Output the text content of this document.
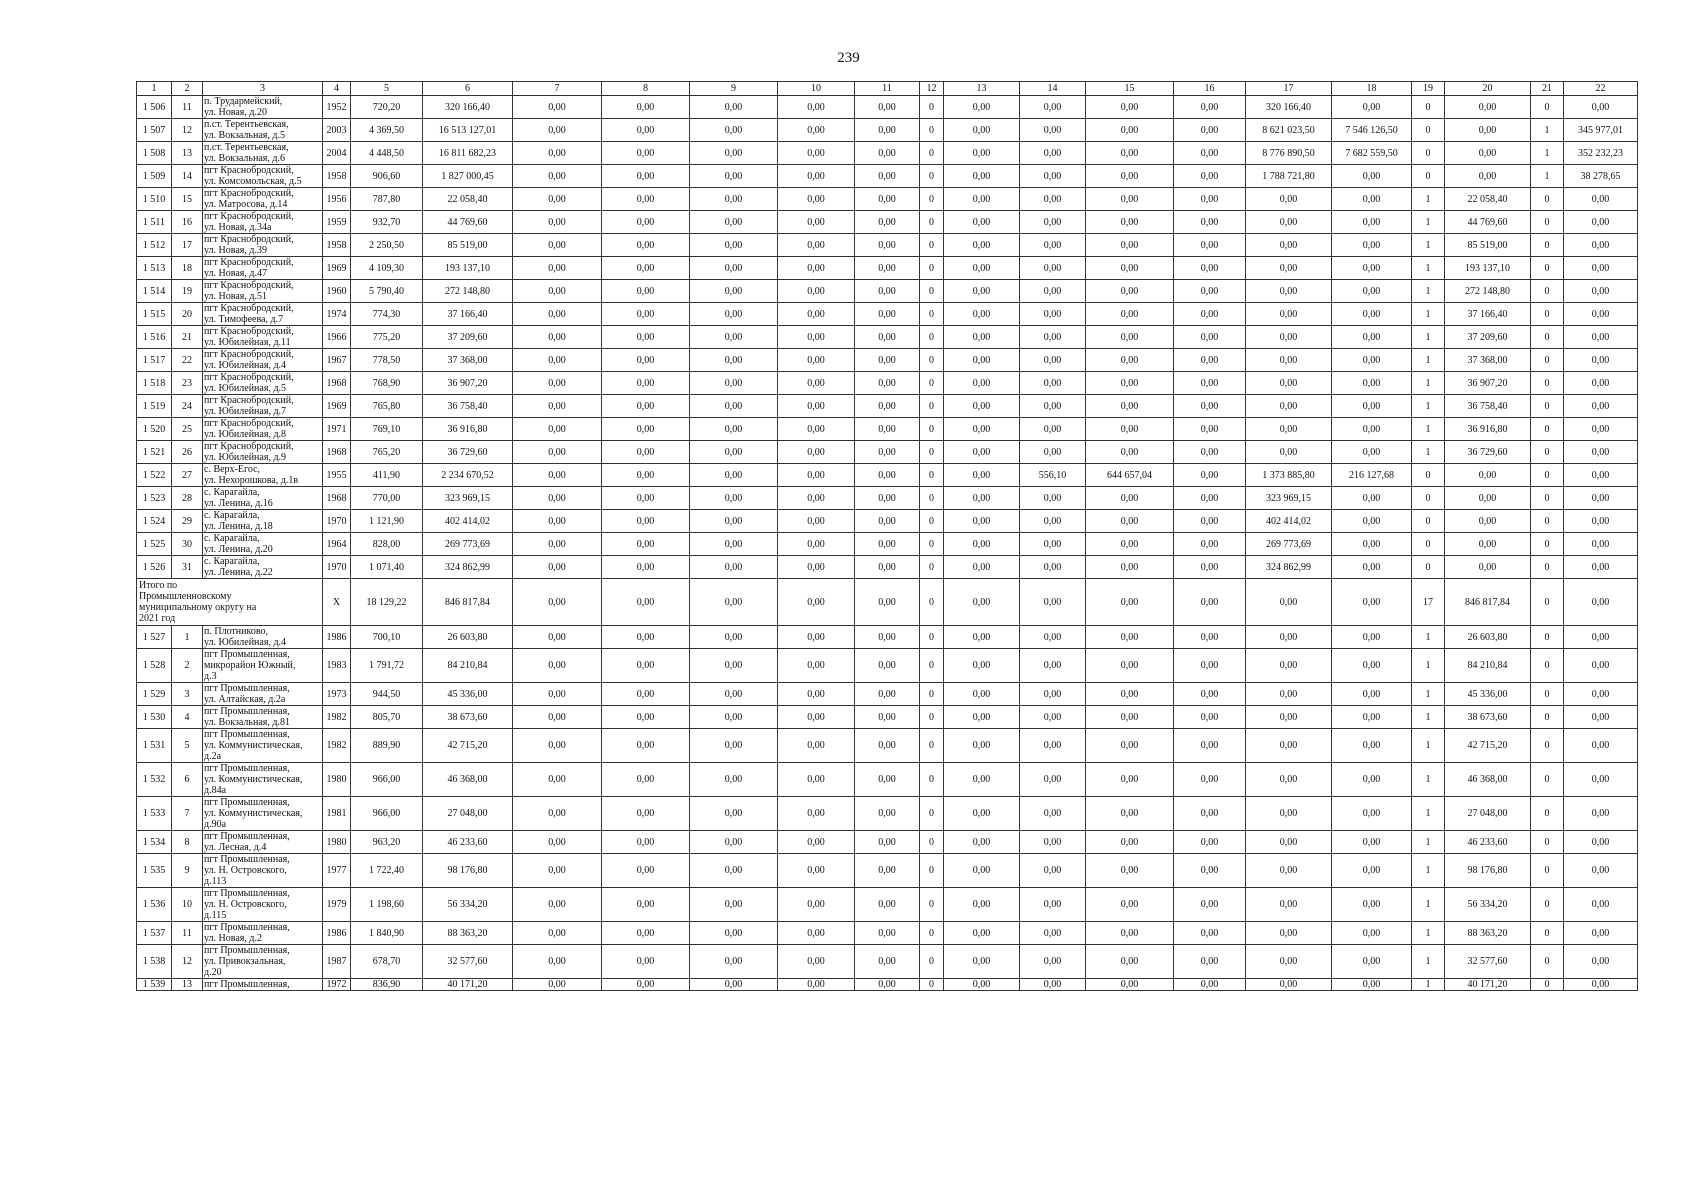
239
1	2	3	4	5	6	7	8	9	10	11	12	13	14	15	16	17	18	19	20	21	22
1 506	11	п. Трудармейский,
ул. Новая, д.20	1952	720,20	320 166,40	0,00	0,00	0,00	0,00	0,00	0	0,00	0,00	0,00	0,00	320 166,40	0,00	0	0,00	0	0,00
1 507	12	п.ст. Терентьевская,
ул. Вокзальная, д.5	2003	4 369,50	16 513 127,01	0,00	0,00	0,00	0,00	0,00	0	0,00	0,00	0,00	0,00	8 621 023,50	7 546 126,50	0	0,00	1	345 977,01
1 508	13	п.ст. Терентьевская,
ул. Вокзальная, д.6	2004	4 448,50	16 811 682,23	0,00	0,00	0,00	0,00	0,00	0	0,00	0,00	0,00	0,00	8 776 890,50	7 682 559,50	0	0,00	1	352 232,23
1 509	14	пгт Краснобродский,
ул. Комсомольская, д.5	1958	906,60	1 827 000,45	0,00	0,00	0,00	0,00	0,00	0	0,00	0,00	0,00	0,00	1 788 721,80	0,00	0	0,00	1	38 278,65
1 510	15	пгт Краснобродский,
ул. Матросова, д.14	1956	787,80	22 058,40	0,00	0,00	0,00	0,00	0,00	0	0,00	0,00	0,00	0,00	0,00	0,00	1	22 058,40	0	0,00
1 511	16	пгт Краснобродский,
ул. Новая, д.34а	1959	932,70	44 769,60	0,00	0,00	0,00	0,00	0,00	0	0,00	0,00	0,00	0,00	0,00	0,00	1	44 769,60	0	0,00
1 512	17	пгт Краснобродский,
ул. Новая, д.39	1958	2 250,50	85 519,00	0,00	0,00	0,00	0,00	0,00	0	0,00	0,00	0,00	0,00	0,00	0,00	1	85 519,00	0	0,00
1 513	18	пгт Краснобродский,
ул. Новая, д.47	1969	4 109,30	193 137,10	0,00	0,00	0,00	0,00	0,00	0	0,00	0,00	0,00	0,00	0,00	0,00	1	193 137,10	0	0,00
1 514	19	пгт Краснобродский,
ул. Новая, д.51	1960	5 790,40	272 148,80	0,00	0,00	0,00	0,00	0,00	0	0,00	0,00	0,00	0,00	0,00	0,00	1	272 148,80	0	0,00
1 515	20	пгт Краснобродский,
ул. Тимофеева, д.7	1974	774,30	37 166,40	0,00	0,00	0,00	0,00	0,00	0	0,00	0,00	0,00	0,00	0,00	0,00	1	37 166,40	0	0,00
1 516	21	пгт Краснобродский,
ул. Юбилейная, д.11	1966	775,20	37 209,60	0,00	0,00	0,00	0,00	0,00	0	0,00	0,00	0,00	0,00	0,00	0,00	1	37 209,60	0	0,00
1 517	22	пгт Краснобродский,
ул. Юбилейная, д.4	1967	778,50	37 368,00	0,00	0,00	0,00	0,00	0,00	0	0,00	0,00	0,00	0,00	0,00	0,00	1	37 368,00	0	0,00
1 518	23	пгт Краснобродский,
ул. Юбилейная, д.5	1968	768,90	36 907,20	0,00	0,00	0,00	0,00	0,00	0	0,00	0,00	0,00	0,00	0,00	0,00	1	36 907,20	0	0,00
1 519	24	пгт Краснобродский,
ул. Юбилейная, д.7	1969	765,80	36 758,40	0,00	0,00	0,00	0,00	0,00	0	0,00	0,00	0,00	0,00	0,00	0,00	1	36 758,40	0	0,00
1 520	25	пгт Краснобродский,
ул. Юбилейная, д.8	1971	769,10	36 916,80	0,00	0,00	0,00	0,00	0,00	0	0,00	0,00	0,00	0,00	0,00	0,00	1	36 916,80	0	0,00
1 521	26	пгт Краснобродский,
ул. Юбилейная, д.9	1968	765,20	36 729,60	0,00	0,00	0,00	0,00	0,00	0	0,00	0,00	0,00	0,00	0,00	0,00	1	36 729,60	0	0,00
1 522	27	с. Верх-Егос,
ул. Нехорошкова, д.1в	1955	411,90	2 234 670,52	0,00	0,00	0,00	0,00	0,00	0	0,00	556,10	644 657,04	0,00	1 373 885,80	216 127,68	0	0,00	0	0,00
1 523	28	с. Карагайла,
ул. Ленина, д.16	1968	770,00	323 969,15	0,00	0,00	0,00	0,00	0,00	0	0,00	0,00	0,00	0,00	323 969,15	0,00	0	0,00	0	0,00
1 524	29	с. Карагайла,
ул. Ленина, д.18	1970	1 121,90	402 414,02	0,00	0,00	0,00	0,00	0,00	0	0,00	0,00	0,00	0,00	402 414,02	0,00	0	0,00	0	0,00
1 525	30	с. Карагайла,
ул. Ленина, д.20	1964	828,00	269 773,69	0,00	0,00	0,00	0,00	0,00	0	0,00	0,00	0,00	0,00	269 773,69	0,00	0	0,00	0	0,00
1 526	31	с. Карагайла,
ул. Ленина, д.22	1970	1 071,40	324 862,99	0,00	0,00	0,00	0,00	0,00	0	0,00	0,00	0,00	0,00	324 862,99	0,00	0	0,00	0	0,00
Итого по
Промышленновскому
муниципальному округу на
2021 год			X	18 129,22	846 817,84	0,00	0,00	0,00	0,00	0,00	0	0,00	0,00	0,00	0,00	0,00	0,00	17	846 817,84	0	0,00
1 527	1	п. Плотниково,
ул. Юбилейная, д.4	1986	700,10	26 603,80	0,00	0,00	0,00	0,00	0,00	0	0,00	0,00	0,00	0,00	0,00	0,00	1	26 603,80	0	0,00
1 528	2	пгт Промышленная,
микрорайон Южный,
д.3	1983	1 791,72	84 210,84	0,00	0,00	0,00	0,00	0,00	0	0,00	0,00	0,00	0,00	0,00	0,00	1	84 210,84	0	0,00
1 529	3	пгт Промышленная,
ул. Алтайская, д.2а	1973	944,50	45 336,00	0,00	0,00	0,00	0,00	0,00	0	0,00	0,00	0,00	0,00	0,00	0,00	1	45 336,00	0	0,00
1 530	4	пгт Промышленная,
ул. Вокзальная, д.81	1982	805,70	38 673,60	0,00	0,00	0,00	0,00	0,00	0	0,00	0,00	0,00	0,00	0,00	0,00	1	38 673,60	0	0,00
1 531	5	пгт Промышленная,
ул. Коммунистическая,
д.2а	1982	889,90	42 715,20	0,00	0,00	0,00	0,00	0,00	0	0,00	0,00	0,00	0,00	0,00	0,00	1	42 715,20	0	0,00
1 532	6	пгт Промышленная,
ул. Коммунистическая,
д.84а	1980	966,00	46 368,00	0,00	0,00	0,00	0,00	0,00	0	0,00	0,00	0,00	0,00	0,00	0,00	1	46 368,00	0	0,00
1 533	7	пгт Промышленная,
ул. Коммунистическая,
д.90а	1981	966,00	27 048,00	0,00	0,00	0,00	0,00	0,00	0	0,00	0,00	0,00	0,00	0,00	0,00	1	27 048,00	0	0,00
1 534	8	пгт Промышленная,
ул. Лесная, д.4	1980	963,20	46 233,60	0,00	0,00	0,00	0,00	0,00	0	0,00	0,00	0,00	0,00	0,00	0,00	1	46 233,60	0	0,00
1 535	9	пгт Промышленная,
ул. Н. Островского,
д.113	1977	1 722,40	98 176,80	0,00	0,00	0,00	0,00	0,00	0	0,00	0,00	0,00	0,00	0,00	0,00	1	98 176,80	0	0,00
1 536	10	пгт Промышленная,
ул. Н. Островского,
д.115	1979	1 198,60	56 334,20	0,00	0,00	0,00	0,00	0,00	0	0,00	0,00	0,00	0,00	0,00	0,00	1	56 334,20	0	0,00
1 537	11	пгт Промышленная,
ул. Новая, д.2	1986	1 840,90	88 363,20	0,00	0,00	0,00	0,00	0,00	0	0,00	0,00	0,00	0,00	0,00	0,00	1	88 363,20	0	0,00
1 538	12	пгт Промышленная,
ул. Привокзальная,
д.20	1987	678,70	32 577,60	0,00	0,00	0,00	0,00	0,00	0	0,00	0,00	0,00	0,00	0,00	0,00	1	32 577,60	0	0,00
1 539	13	пгт Промышленная,	1972	836,90	40 171,20	0,00	0,00	0,00	0,00	0,00	0	0,00	0,00	0,00	0,00	0,00	0,00	1	40 171,20	0	0,00
